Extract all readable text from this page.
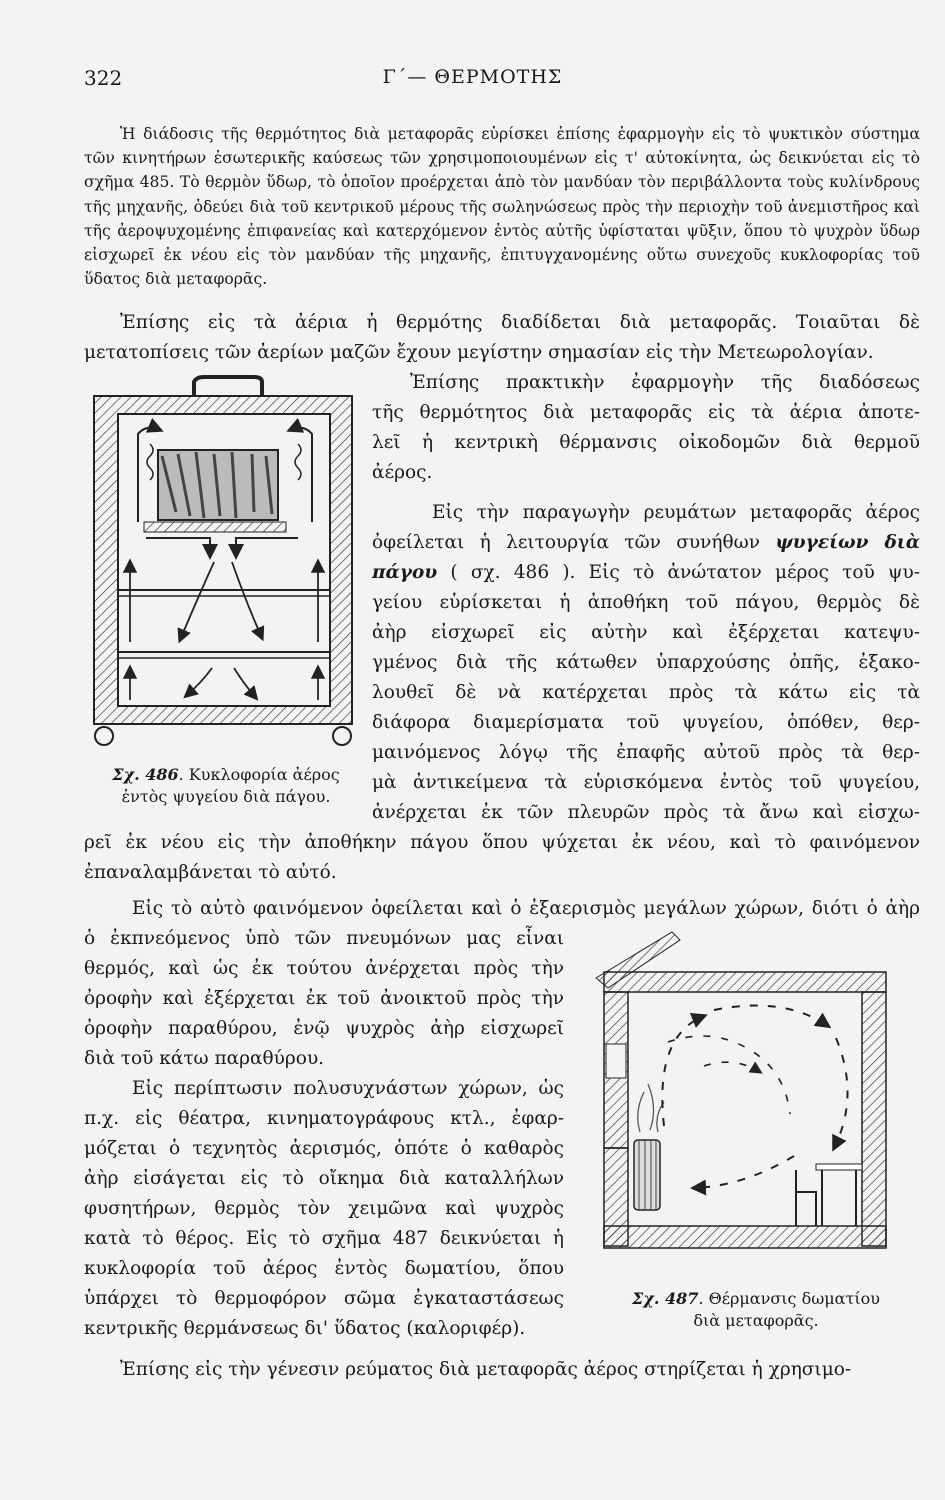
322	Γ΄— ΘΕΡΜΟΤΗΣ
Ἡ διάδοσις τῆς θερμότητος διὰ μεταφορᾶς εὑρίσκει ἐπίσης ἐφαρμογὴν εἰς τὸ ψυκτικὸν σύστημα τῶν κινητήρων ἐσωτερικῆς καύσεως τῶν χρησιμοποιουμένων εἰς τ' αὐτοκίνητα, ὡς δεικνύεται εἰς τὸ σχῆμα 485. Τὸ θερμὸν ὕδωρ, τὸ ὁποῖον προέρχεται ἀπὸ τὸν μανδύαν τὸν περιβάλλοντα τοὺς κυλίνδρους τῆς μηχανῆς, ὁδεύει διὰ τοῦ κεντρικοῦ μέρους τῆς σωληνώσεως πρὸς τὴν περιοχὴν τοῦ ἀνεμιστῆρος καὶ τῆς ἀεροψυχομένης ἐπιφανείας καὶ κατερχόμενον ἐντὸς αὐτῆς ὑφίσταται ψῦξιν, ὅπου τὸ ψυχρὸν ὕδωρ εἰσχωρεῖ ἐκ νέου εἰς τὸν μανδύαν τῆς μηχανῆς, ἐπιτυγχανομένης οὕτω συνεχοῦς κυκλοφορίας τοῦ ὕδατος διὰ μεταφορᾶς.
Ἐπίσης εἰς τὰ ἀέρια ἡ θερμότης διαδίδεται διὰ μεταφορᾶς. Τοιαῦται δὲ μετατοπίσεις τῶν ἀερίων μαζῶν ἔχουν μεγίστην σημασίαν εἰς τὴν Μετεωρολογίαν.
Σχ. 486. Κυκλοφορία ἀέρος
ἐντὸς ψυγείου διὰ πάγου.
Ἐπίσης πρακτικὴν ἐφαρμογὴν τῆς διαδόσεως
τῆς θερμότητος διὰ μεταφορᾶς εἰς τὰ ἀέρια ἀποτε-
λεῖ ἡ κεντρικὴ θέρμανσις οἰκοδομῶν διὰ θερμοῦ
ἀέρος.
Εἰς τὴν παραγωγὴν ρευμάτων μεταφορᾶς ἀέρος
ὀφείλεται ἡ λειτουργία τῶν συνήθων ψυγείων διὰ
πάγου ( σχ. 486 ). Εἰς τὸ ἀνώτατον μέρος τοῦ ψυ-
γείου εὑρίσκεται ἡ ἀποθήκη τοῦ πάγου, θερμὸς δὲ
ἀὴρ εἰσχωρεῖ εἰς αὐτὴν καὶ ἐξέρχεται κατεψυ-
γμένος διὰ τῆς κάτωθεν ὑπαρχούσης ὀπῆς, ἐξακο-
λουθεῖ δὲ νὰ κατέρχεται πρὸς τὰ κάτω εἰς τὰ
διάφορα διαμερίσματα τοῦ ψυγείου, ὁπόθεν, θερ-
μαινόμενος λόγῳ τῆς ἐπαφῆς αὐτοῦ πρὸς τὰ θερ-
μὰ ἀντικείμενα τὰ εὑρισκόμενα ἐντὸς τοῦ ψυγείου,
ἀνέρχεται ἐκ τῶν πλευρῶν πρὸς τὰ ἄνω καὶ εἰσχω-
ρεῖ ἐκ νέου εἰς τὴν ἀποθήκην πάγου ὅπου ψύχεται ἐκ νέου, καὶ τὸ φαινόμενον
ἐπαναλαμβάνεται τὸ αὐτό.
Εἰς τὸ αὐτὸ φαινόμενον ὀφείλεται καὶ ὁ ἐξαερισμὸς μεγάλων χώρων, διότι ὁ ἀὴρ
ὁ ἐκπνεόμενος ὑπὸ τῶν πνευμόνων μας εἶναι
θερμός, καὶ ὡς ἐκ τούτου ἀνέρχεται πρὸς τὴν
ὀροφὴν καὶ ἐξέρχεται ἐκ τοῦ ἀνοικτοῦ πρὸς τὴν
ὀροφὴν παραθύρου, ἐνῷ ψυχρὸς ἀὴρ εἰσχωρεῖ
διὰ τοῦ κάτω παραθύρου.
Εἰς περίπτωσιν πολυσυχνάστων χώρων, ὡς
π.χ. εἰς θέατρα, κινηματογράφους κτλ., ἐφαρ-
μόζεται ὁ τεχνητὸς ἀερισμός, ὁπότε ὁ καθαρὸς
ἀὴρ εἰσάγεται εἰς τὸ οἴκημα διὰ καταλλήλων
φυσητήρων, θερμὸς τὸν χειμῶνα καὶ ψυχρὸς
κατὰ τὸ θέρος. Εἰς τὸ σχῆμα 487 δεικνύεται ἡ
κυκλοφορία τοῦ ἀέρος ἐντὸς δωματίου, ὅπου
ὑπάρχει τὸ θερμοφόρον σῶμα ἐγκαταστάσεως
κεντρικῆς θερμάνσεως δι' ὕδατος (καλοριφέρ).
Σχ. 487. Θέρμανσις δωματίου
διὰ μεταφορᾶς.
Ἐπίσης εἰς τὴν γένεσιν ρεύματος διὰ μεταφορᾶς ἀέρος στηρίζεται ἡ χρησιμο-
